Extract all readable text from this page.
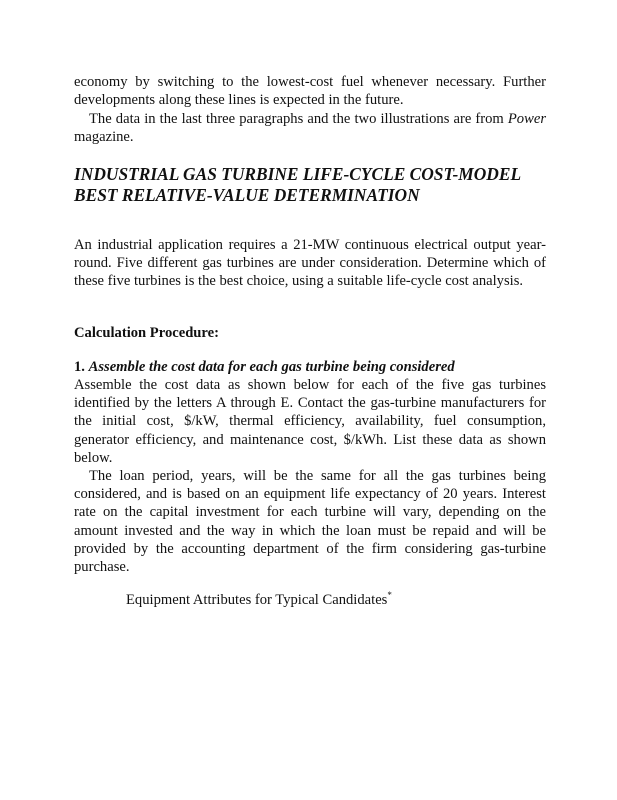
economy by switching to the lowest-cost fuel whenever necessary. Further developments along these lines is expected in the future.

The data in the last three paragraphs and the two illustrations are from Power magazine.

INDUSTRIAL GAS TURBINE LIFE-CYCLE COST-MODEL
BEST RELATIVE-VALUE DETERMINATION

An industrial application requires a 21-MW continuous electrical output year-round. Five different gas turbines are under consideration. Determine which of these five turbines is the best choice, using a suitable life-cycle cost analysis.

Calculation Procedure:

1. Assemble the cost data for each gas turbine being considered

Assemble the cost data as shown below for each of the five gas turbines identified by the letters A through E. Contact the gas-turbine manufacturers for the initial cost, $/kW, thermal efficiency, availability, fuel consumption, generator efficiency, and maintenance cost, $/kWh. List these data as shown below.

The loan period, years, will be the same for all the gas turbines being considered, and is based on an equipment life expectancy of 20 years. Interest rate on the capital investment for each turbine will vary, depending on the amount invested and the way in which the loan must be repaid and will be provided by the accounting department of the firm considering gas-turbine purchase.

Equipment Attributes for Typical Candidates*
